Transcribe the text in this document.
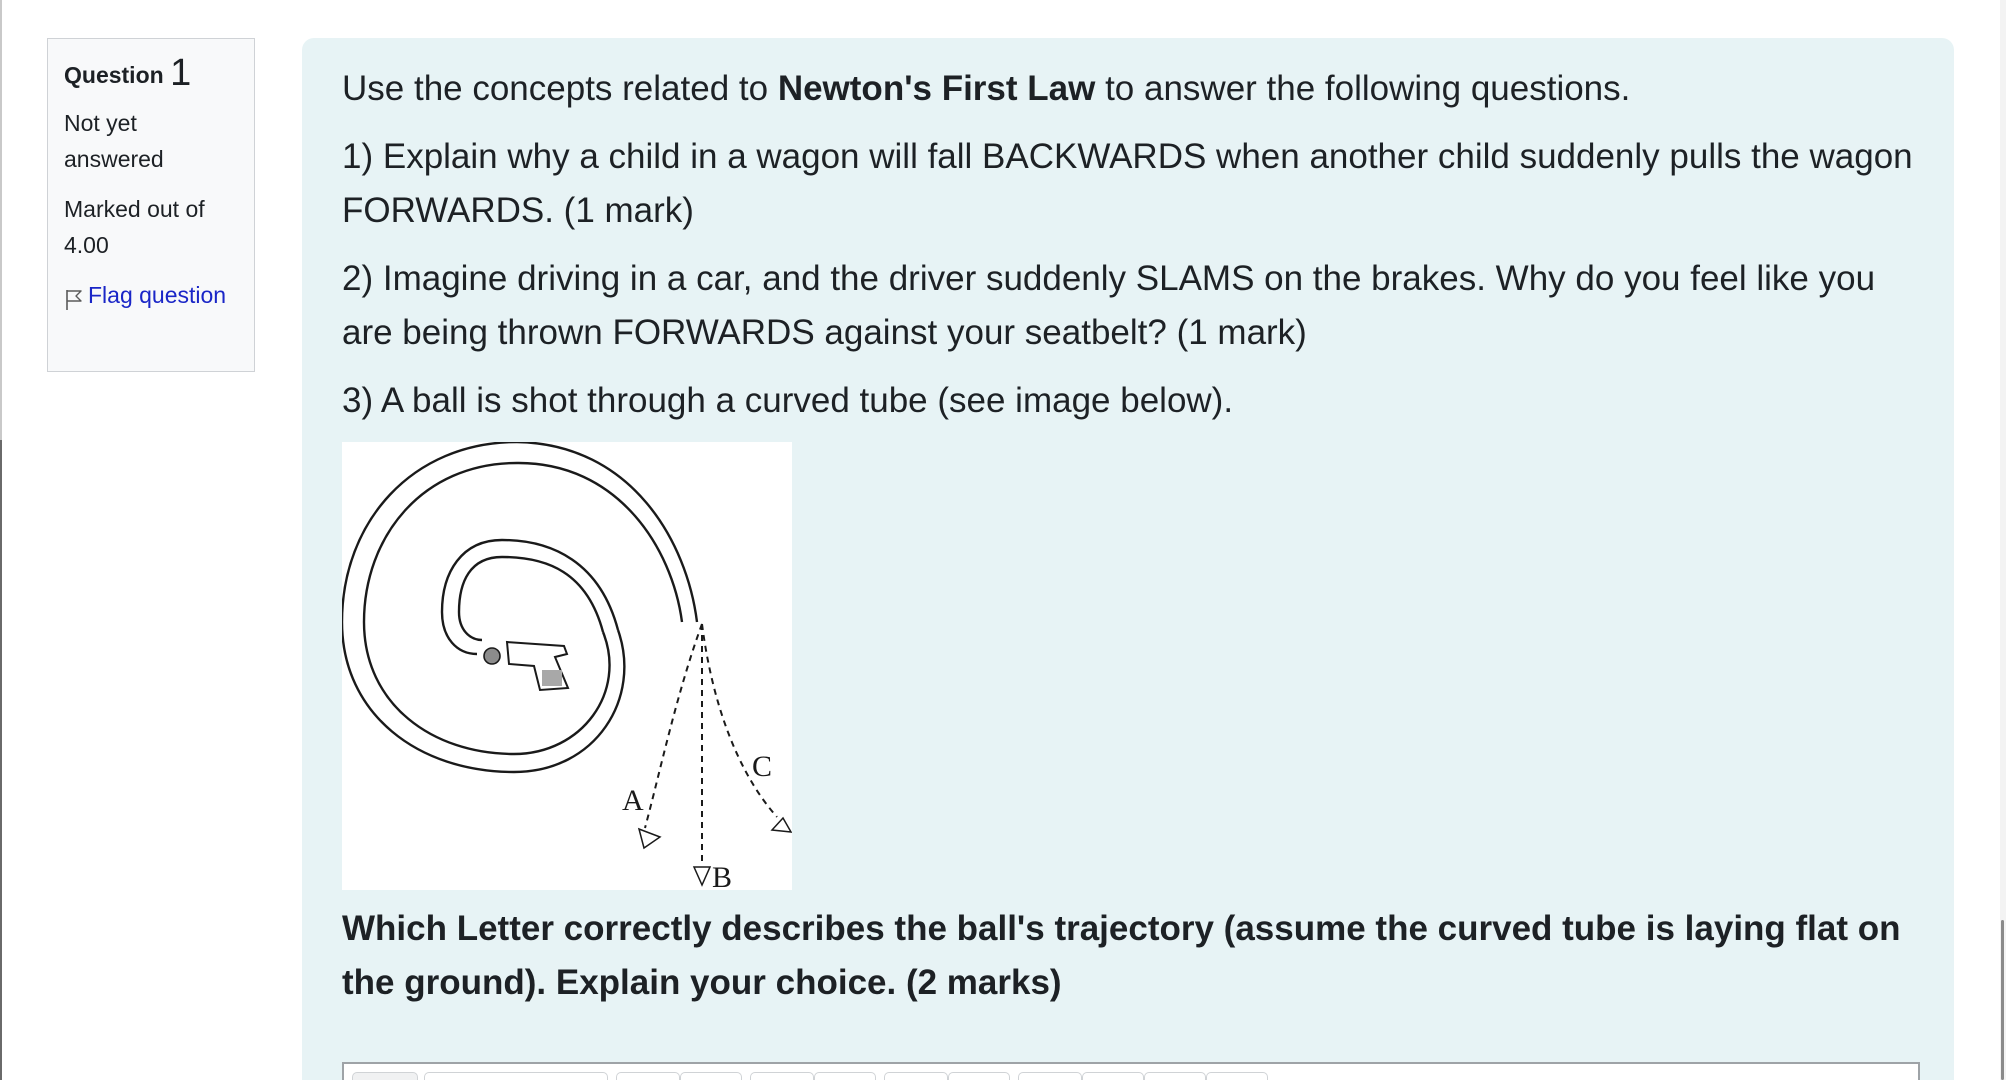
Question 1
Not yet answered
Marked out of 4.00
Flag question

Use the concepts related to Newton's First Law to answer the following questions.

1) Explain why a child in a wagon will fall BACKWARDS when another child suddenly pulls the wagon FORWARDS. (1 mark)

2) Imagine driving in a car, and the driver suddenly SLAMS on the brakes. Why do you feel like you are being thrown FORWARDS against your seatbelt? (1 mark)

3) A ball is shot through a curved tube (see image below).

A
B
C

Which Letter correctly describes the ball's trajectory (assume the curved tube is laying flat on the ground). Explain your choice. (2 marks)
